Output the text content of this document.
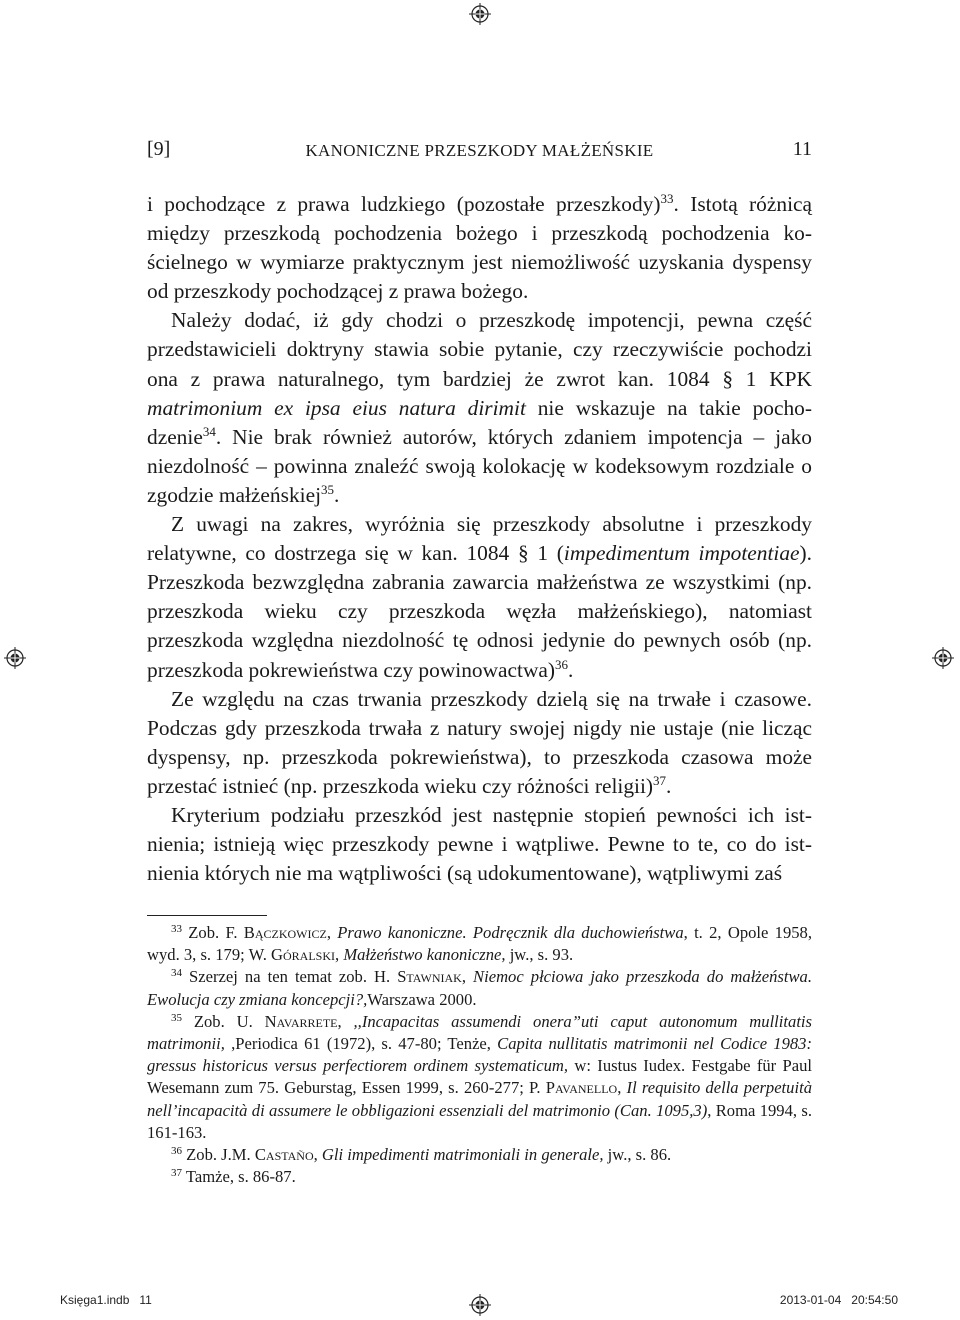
[9]	KANONICZNE PRZESZKODY MAŁŻEŃSKIE	11

i pochodzące z prawa ludzkiego (pozostałe przeszkody)$^{33}$. Istotą różnicą między przeszkodą pochodzenia bożego i przeszkodą pochodzenia kościelnego w wymiarze praktycznym jest niemożliwość uzyskania dyspensy od przeszkody pochodzącej z prawa bożego.

Należy dodać, iż gdy chodzi o przeszkodę impotencji, pewna część przedstawicieli doktryny stawia sobie pytanie, czy rzeczywiście pochodzi ona z prawa naturalnego, tym bardziej że zwrot kan. 1084 § 1 KPK matrimonium ex ipsa eius natura dirimit nie wskazuje na takie pochodzenie$^{34}$. Nie brak również autorów, których zdaniem impotencja – jako niezdolność – powinna znaleźć swoją kolokację w kodeksowym rozdziale o zgodzie małżeńskiej$^{35}$.

Z uwagi na zakres, wyróżnia się przeszkody absolutne i przeszkody relatywne, co dostrzega się w kan. 1084 § 1 (impedimentum impotentiae). Przeszkoda bezwzględna zabrania zawarcia małżeństwa ze wszystkimi (np. przeszkoda wieku czy przeszkoda węzła małżeńskiego), natomiast przeszkoda względna niezdolność tę odnosi jedynie do pewnych osób (np. przeszkoda pokrewieństwa czy powinowactwa)$^{36}$.

Ze względu na czas trwania przeszkody dzielą się na trwałe i czasowe. Podczas gdy przeszkoda trwała z natury swojej nigdy nie ustaje (nie licząc dyspensy, np. przeszkoda pokrewieństwa), to przeszkoda czasowa może przestać istnieć (np. przeszkoda wieku czy różności religii)$^{37}$.

Kryterium podziału przeszkód jest następnie stopień pewności ich istnienia; istnieją więc przeszkody pewne i wątpliwe. Pewne to te, co do istnienia których nie ma wątpliwości (są udokumentowane), wątpliwymi zaś

$^{33}$ Zob. F. Bączkowicz, Prawo kanoniczne. Podręcznik dla duchowieństwa, t. 2, Opole 1958, wyd. 3, s. 179; W. Góralski, Małżeństwo kanoniczne, jw., s. 93.

$^{34}$ Szerzej na ten temat zob. H. Stawniak, Niemoc płciowa jako przeszkoda do małżeństwa. Ewolucja czy zmiana koncepcji?,Warszawa 2000.

$^{35}$ Zob. U. Navarrete, ,,Incapacitas assumendi onera”uti caput autonomum mullitatis matrimonii, ,Periodica 61 (1972), s. 47-80; Tenże, Capita nullitatis matrimonii nel Codice 1983: gressus historicus versus perfectiorem ordinem systematicum, w: Iustus Iudex. Festgabe für Paul Wesemann zum 75. Geburstag, Essen 1999, s. 260-277; P. Pavanello, Il requisito della perpetuità nell’incapacità di assumere le obbligazioni essenziali del matrimonio (Can. 1095,3), Roma 1994, s. 161-163.

$^{36}$ Zob. J.M. Castaño, Gli impedimenti matrimoniali in generale, jw., s. 86.

$^{37}$ Tamże, s. 86-87.

Księga1.indb   11	2013-01-04   20:54:50
